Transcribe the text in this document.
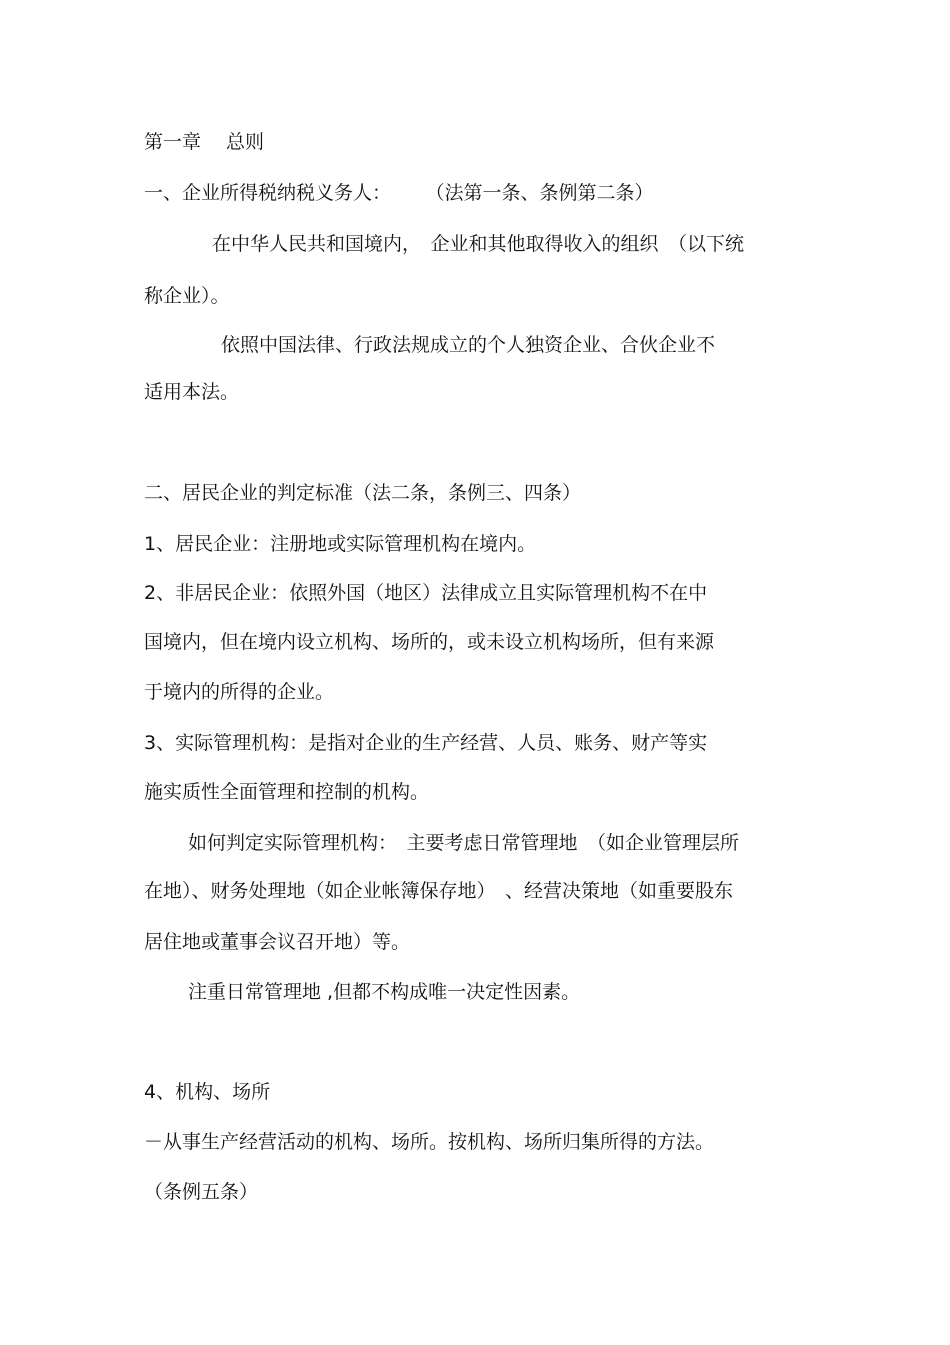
第一章　 总则
一、企业所得税纳税义务人：　　 （法第一条、条例第二条）
在中华人民共和国境内，　企业和其他取得收入的组织　（以下统
称企业）。
依照中国法律、行政法规成立的个人独资企业、合伙企业不
适用本法。
二、居民企业的判定标准（法二条，条例三、四条）
1、居民企业：注册地或实际管理机构在境内。
2、非居民企业：依照外国（地区）法律成立且实际管理机构不在中
国境内，但在境内设立机构、场所的，或未设立机构场所，但有来源
于境内的所得的企业。
3、实际管理机构：是指对企业的生产经营、人员、账务、财产等实
施实质性全面管理和控制的机构。
如何判定实际管理机构：　主要考虑日常管理地　（如企业管理层所
在地）、财务处理地（如企业帐簿保存地）　、经营决策地（如重要股东
居住地或董事会议召开地）等。
注重日常管理地 ,但都不构成唯一决定性因素。
4、机构、场所
－从事生产经营活动的机构、场所。按机构、场所归集所得的方法。
（条例五条）
